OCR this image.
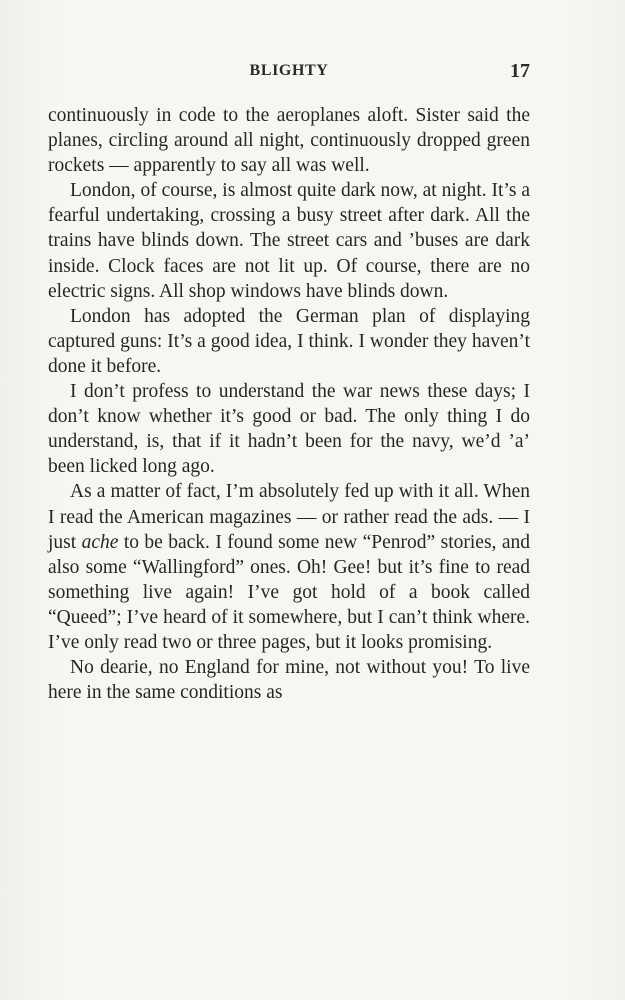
BLIGHTY	17

continuously in code to the aeroplanes aloft. Sister said the planes, circling around all night, continuously dropped green rockets — apparently to say all was well.

London, of course, is almost quite dark now, at night. It’s a fearful undertaking, crossing a busy street after dark. All the trains have blinds down. The street cars and ’buses are dark inside. Clock faces are not lit up. Of course, there are no electric signs. All shop windows have blinds down.

London has adopted the German plan of displaying captured guns: It’s a good idea, I think. I wonder they haven’t done it before.

I don’t profess to understand the war news these days; I don’t know whether it’s good or bad. The only thing I do understand, is, that if it hadn’t been for the navy, we’d ’a’ been licked long ago.

As a matter of fact, I’m absolutely fed up with it all. When I read the American magazines — or rather read the ads. — I just ache to be back. I found some new “Penrod” stories, and also some “Wallingford” ones. Oh! Gee! but it’s fine to read something live again! I’ve got hold of a book called “Queed”; I’ve heard of it somewhere, but I can’t think where. I’ve only read two or three pages, but it looks promising.

No dearie, no England for mine, not without you! To live here in the same conditions as
